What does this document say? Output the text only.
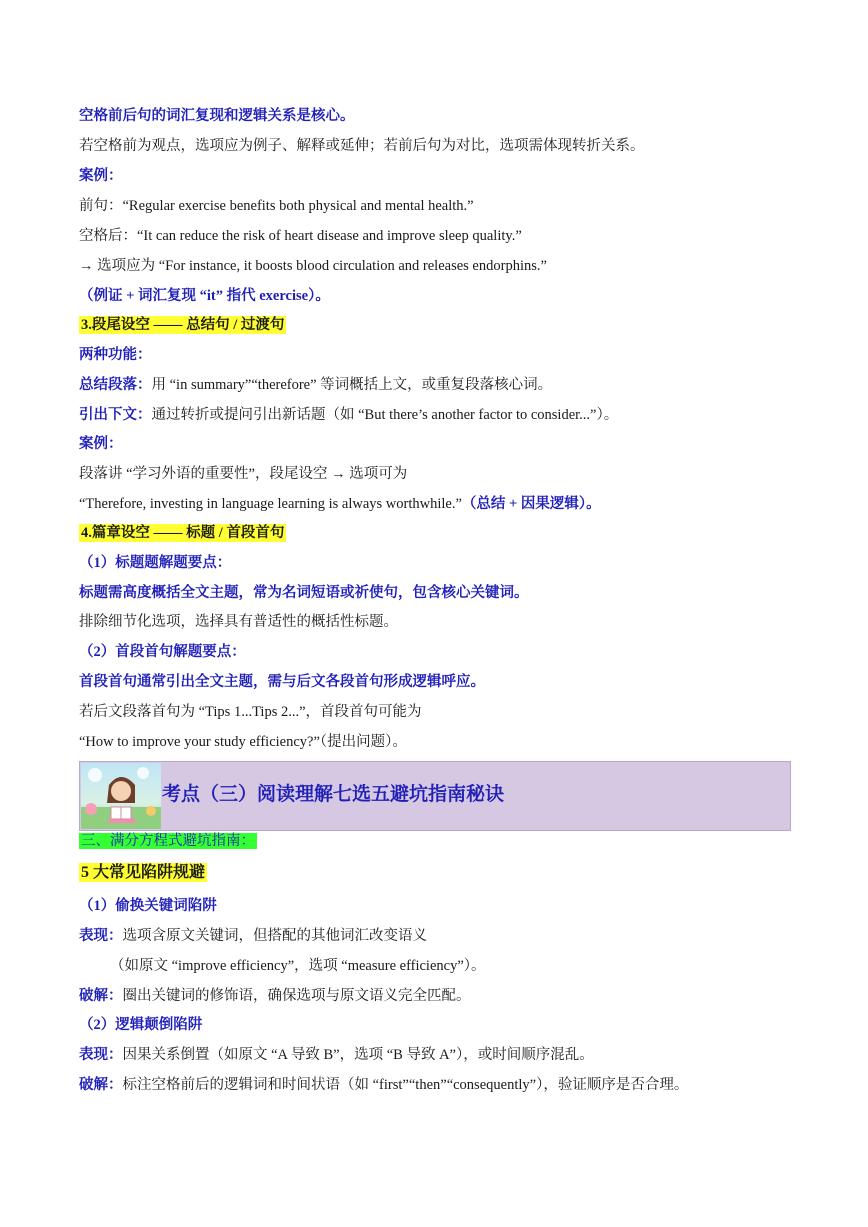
空格前后句的词汇复现和逻辑关系是核心。
若空格前为观点，选项应为例子、解释或延伸；若前后句为对比，选项需体现转折关系。
案例：
前句：“Regular exercise benefits both physical and mental health.”
空格后：“It can reduce the risk of heart disease and improve sleep quality.”
→ 选项应为 “For instance, it boosts blood circulation and releases endorphins.”
（例证 + 词汇复现 “it” 指代 exercise）。
3.段尾设空 —— 总结句 / 过渡句
两种功能：
总结段落：用 “in summary”“therefore” 等词概括上文，或重复段落核心词。
引出下文：通过转折或提问引出新话题（如 “But there’s another factor to consider...”）。
案例：
段落讲 “学习外语的重要性”，段尾设空 → 选项可为
“Therefore, investing in language learning is always worthwhile.”（总结 + 因果逻辑）。
4.篇章设空 —— 标题 / 首段首句
（1）标题题解题要点：
标题需高度概括全文主题，常为名词短语或祈使句，包含核心关键词。
排除细节化选项，选择具有普适性的概括性标题。
（2）首段首句解题要点：
首段首句通常引出全文主题，需与后文各段首句形成逻辑呼应。
若后文段落首句为 “Tips 1...Tips 2...”，首段首句可能为
“How to improve your study efficiency?”（提出问题）。
考点（三）阅读理解七选五避坑指南秘诀
三、满分方程式避坑指南：
5 大常见陷阱规避
（1）偷换关键词陷阱
表现：选项含原文关键词，但搭配的其他词汇改变语义
（如原文 “improve efficiency”，选项 “measure efficiency”）。
破解：圈出关键词的修饰语，确保选项与原文语义完全匹配。
（2）逻辑颠倒陷阱
表现：因果关系倒置（如原文 “A 导致 B”，选项 “B 导致 A”），或时间顺序混乱。
破解：标注空格前后的逻辑词和时间状语（如 “first”“then”“consequently”），验证顺序是否合理。
